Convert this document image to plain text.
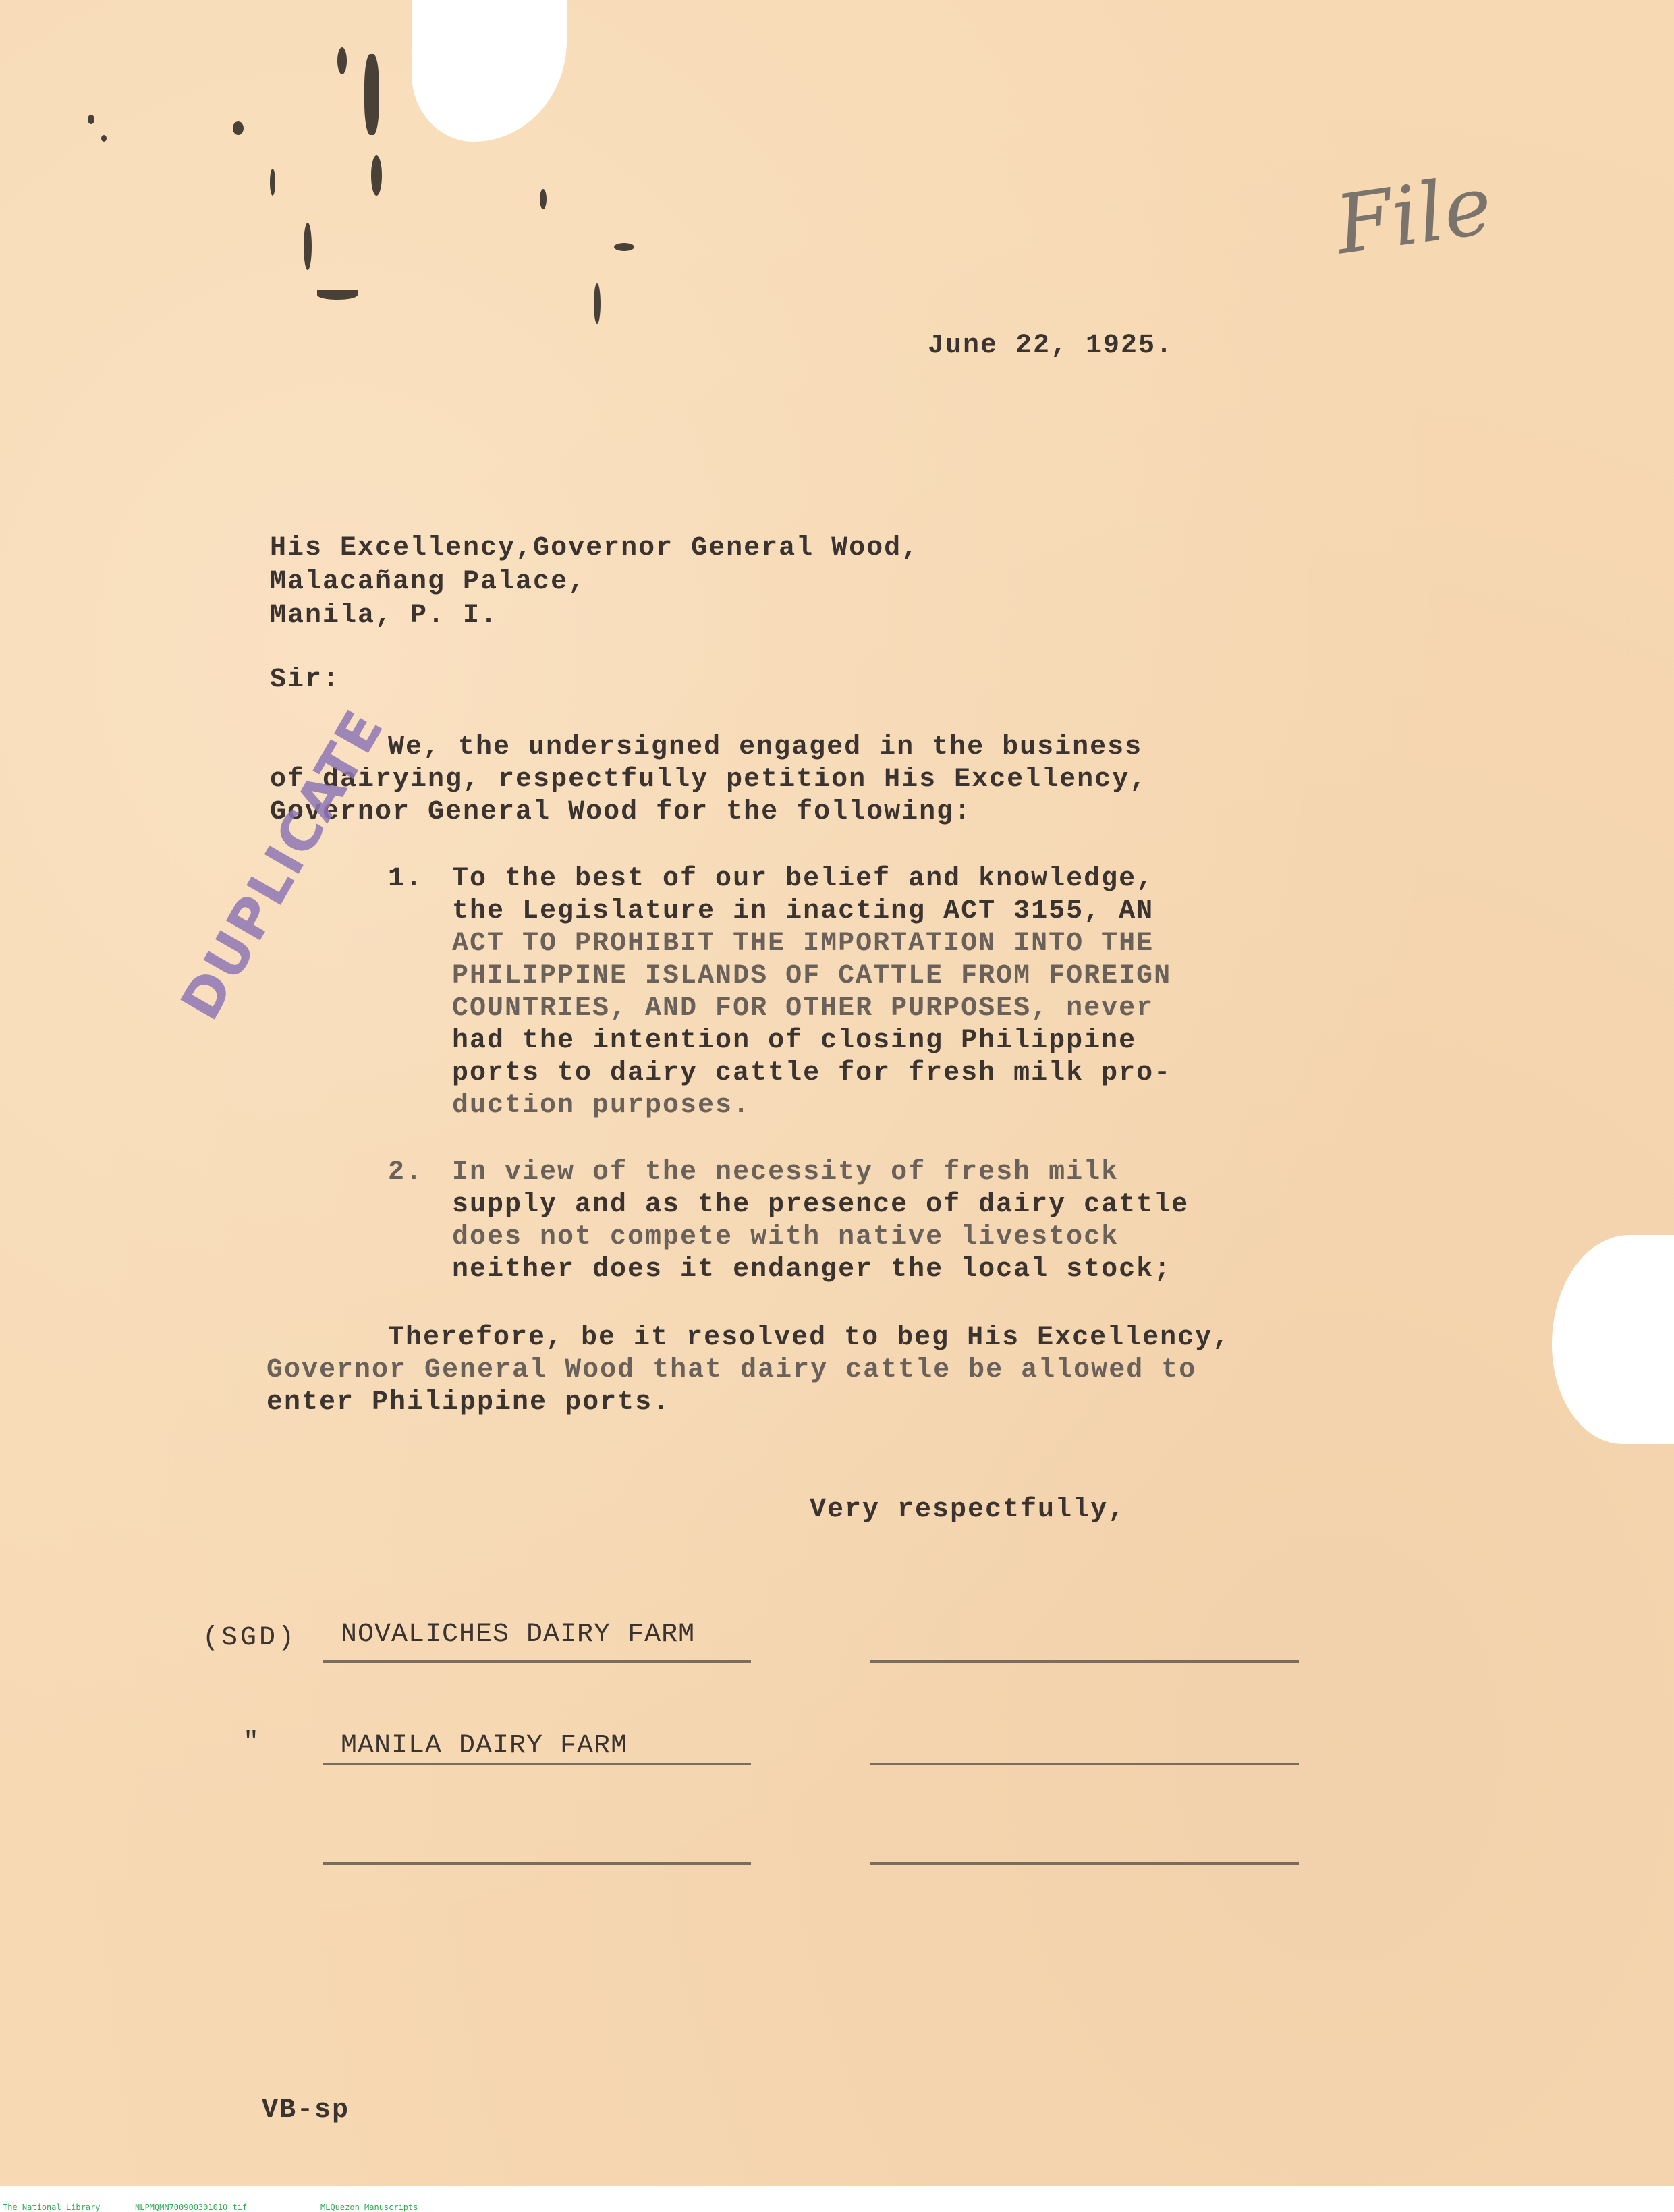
File
June 22, 1925.
His Excellency,Governor General Wood,
Malacañang Palace,
Manila, P. I.
Sir:
We, the undersigned engaged in the business
of dairying, respectfully petition His Excellency,
Governor General Wood for the following:
1. To the best of our belief and knowledge,
the Legislature in inacting ACT 3155, AN
ACT TO PROHIBIT THE IMPORTATION INTO THE
PHILIPPINE ISLANDS OF CATTLE FROM FOREIGN
COUNTRIES, AND FOR OTHER PURPOSES, never
had the intention of closing Philippine
ports to dairy cattle for fresh milk pro-
duction purposes.
2. In view of the necessity of fresh milk
supply and as the presence of dairy cattle
does not compete with native livestock
neither does it endanger the local stock;
Therefore, be it resolved to beg His Excellency,
Governor General Wood that dairy cattle be allowed to
enter Philippine ports.
Very respectfully,
(SGD) NOVALICHES DAIRY FARM
"	MANILA DAIRY FARM
VB-sp
DUPLICATE
The National Library	NLPMQMN700900301010 tif	MLQuezon Manuscripts
